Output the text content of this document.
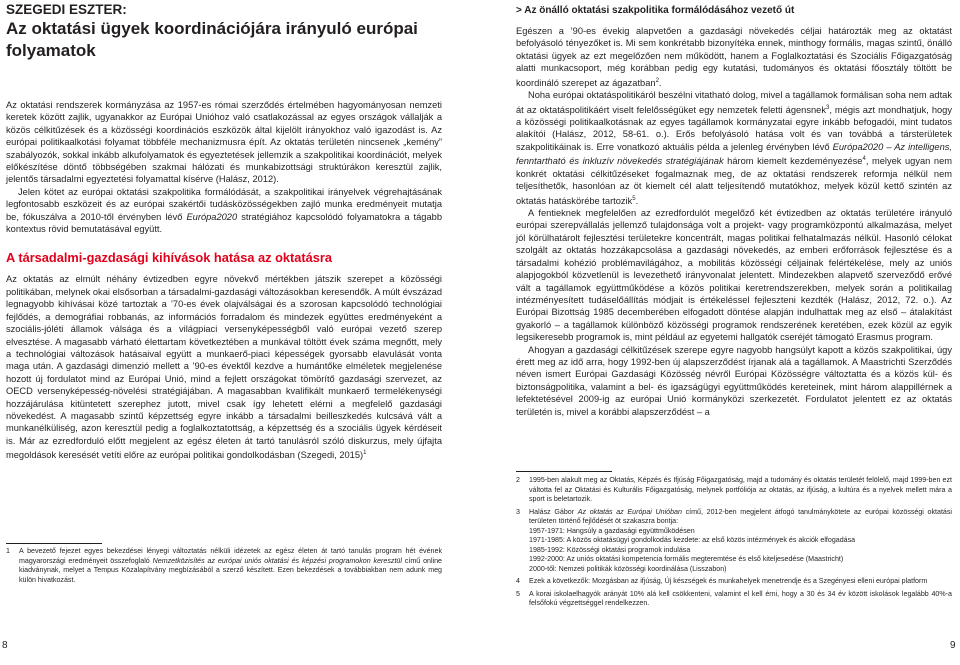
SZEGEDI ESZTER:
Az oktatási ügyek koordinációjára irányuló európai folyamatok

Az oktatási rendszerek kormányzása az 1957-es római szerződés értelmében hagyományosan nemzeti keretek között zajlik, ugyanakkor az Európai Unióhoz való csatlakozással az egyes országok vállalják a közös célkitűzések és a közösségi koordinációs eszközök által kijelölt irányokhoz való igazodást is. Az európai politikaalkotási folyamat többféle mechanizmusra épít. Az oktatás területén nincsenek „kemény” szabályozók, sokkal inkább alkufolyamatok és egyeztetések jellemzik a szakpolitikai koordinációt, melyek előkészítése döntő többségében szakmai hálózati és munkabizottsági struktúrákon keresztül zajlik, jelentős társadalmi egyeztetési folyamattal kísérve (Halász, 2012).

Jelen kötet az európai oktatási szakpolitika formálódását, a szakpolitikai irányelvek végrehajtásának legfontosabb eszközeit és az európai szakértői tudásközösségekben zajló munka eredményeit mutatja be, fókuszálva a 2010-től érvényben lévő Európa2020 stratégiához kapcsolódó folyamatokra a tágabb kontextus rövid bemutatásával együtt.

A társadalmi-gazdasági kihívások hatása az oktatásra

Az oktatás az elmúlt néhány évtizedben egyre növekvő mértékben játszik szerepet a közösségi politikában, melynek okai elsősorban a társadalmi-gazdasági változásokban keresendők. A múlt évszázad legnagyobb kihívásai közé tartoztak a ’70-es évek olajválságai és a szorosan kapcsolódó technológiai fejlődés, a demográfiai robbanás, az információs forradalom és mindezek együttes eredményeként a szociális-jóléti államok válsága és a világpiaci versenyképességből való európai vezető szerep elvesztése. A magasabb várható élettartam következtében a munkával töltött évek száma megnőtt, mely a technológiai változások hatásaival együtt a munkaerő-piaci képességek gyorsabb elavulását vonta maga után. A gazdasági dimenzió mellett a ’90-es évektől kezdve a humántőke elméletek megjelenése hozott új fordulatot mind az Európai Unió, mind a fejlett országokat tömörítő gazdasági szervezet, az OECD versenyképesség-növelési stratégiájában. A magasabban kvalifikált munkaerő termelékenységi hozzájárulása kitüntetett szerephez jutott, mivel csak így lehetett elérni a megfelelő gazdasági növekedést. A magasabb szintű képzettség egyre inkább a társadalmi beilleszkedés kulcsává vált a munkanélküliség, azon keresztül pedig a foglalkoztatottság, a képzettség és a szociális ügyek kérdéseit is. Már az ezredforduló előtt megjelent az egész életen át tartó tanulásról szóló diskurzus, mely újfajta megoldások keresését vetíti előre az európai politikai gondolkodásban (Szegedi, 2015)$^1$

1	A bevezető fejezet egyes bekezdései lényegi változtatás nélküli idézetek az egész életen át tartó tanulás program hét évének magyarországi eredményeit összefoglaló Nemzetközisítés az európai uniós oktatási és képzési programokon keresztül című online kiadványnak, melyet a Tempus Közalapítvány megbízásából a szerző készített. Ezen bekezdések a továbbiakban nem adunk meg külön hivatkozást.
8
> Az önálló oktatási szakpolitika formálódásához vezető út

Egészen a ’90-es évekig alapvetően a gazdasági növekedés céljai határozták meg az oktatást befolyásoló tényezőket is. Mi sem konkrétabb bizonyítéka ennek, minthogy formális, magas szintű, önálló oktatási ügyek az ezt megelőzően nem működött, hanem a Foglalkoztatási és Szociális Főigazgatóság alatti munkacsoport, még korábban pedig egy kutatási, tudományos és oktatási főosztály töltött be koordináló szerepet az ágazatban$^2$.

Noha európai oktatáspolitikáról beszélni vitatható dolog, mivel a tagállamok formálisan soha nem adtak át az oktatáspolitikáért viselt felelősségüket egy nemzetek feletti ágensnek$^3$, mégis azt mondhatjuk, hogy a közösségi politikaalkotásnak az egyes tagállamok kormányzatai egyre inkább befogadói, mint tudatos alakítói (Halász, 2012, 58-61. o.). Erős befolyásoló hatása volt és van továbbá a társterületek szakpolitikáinak is. Erre vonatkozó aktuális példa a jelenleg érvényben lévő Európa2020 – Az intelligens, fenntartható és inkluzív növekedés stratégiájának három kiemelt kezdeményezése$^4$, melyek ugyan nem konkrét oktatási célkitűzéseket fogalmaznak meg, de az oktatási rendszerek reformja nélkül nem teljesíthetők, hasonlóan az öt kiemelt cél alatt teljesítendő mutatókhoz, melyek közül kettő szintén az oktatás hatáskörébe tartozik$^5$.

A fentieknek megfelelően az ezredfordulót megelőző két évtizedben az oktatás területére irányuló európai szerepvállalás jellemző tulajdonsága volt a projekt- vagy programközpontú alkalmazása, melyet jól körülhatárolt fejlesztési területekre koncentrált, magas politikai felhatalmazás nélkül. Hasonló célokat szolgált az oktatás hozzákapcsolása a gazdasági növekedés, az emberi erőforrások fejlesztése és a társadalmi kohézió problémavilágához, a mobilitás közösségi céljainak felértékelése, mely az uniós alapjogokból közvetlenül is levezethető irányvonalat jelentett. Mindezekben alapvető szerveződő erővé vált a tagállamok együttműködése a közös politikai keretrendszerekben, melyek során a politikailag intézményesített tudáselőállítás módjait is értékeléssel fejleszteni kezdték (Halász, 2012, 72. o.). Az Európai Bizottság 1985 decemberében elfogadott döntése alapján indulhattak meg az első – átalakítást gyakorló – a tagállamok különböző közösségi programok rendszerének keretében, ezek közül az egyik legsikeresebb programok is, mint például az egyetemi hallgatók cseréjét támogató Erasmus program.

Ahogyan a gazdasági célkitűzések szerepe egyre nagyobb hangsúlyt kapott a közös szakpolitikai, úgy érett meg az idő arra, hogy 1992-ben új alapszerződést írjanak alá a tagállamok. A Maastrichti Szerződés néven ismert Európai Gazdasági Közösség névről Európai Közösségre változtatta és a közös kül- és biztonságpolitika, valamint a bel- és igazságügyi együttműködés kereteinek, mint három alappillérnek a lefektetésével 2009-ig az európai Unió kormányközi szerkezetét. Fordulatot jelentett ez az oktatás területén is, mivel a korábbi alapszerződést – a

2	1995-ben alakult meg az Oktatás, Képzés és Ifjúság Főigazgatóság, majd a tudomány és oktatás területét felölelő, majd 1999-ben ezt váltotta fel az Oktatási és Kulturális Főigazgatóság, melynek portfóliója az oktatás, az ifjúság, a kultúra és a nyelvek mellett mára a sport is beletartozik.
3	Halász Gábor Az oktatás az Európai Unióban című, 2012-ben megjelent átfogó tanulmánykötete az európai közösségi oktatási területen történő fejlődését öt szakaszra bontja:
1957-1971: Hangsúly a gazdasági együttműködésen
1971-1985: A közös oktatásügyi gondolkodás kezdete: az első közös intézmények és akciók elfogadása
1985-1992: Közösségi oktatási programok indulása
1992-2000: Az uniós oktatási kompetencia formális megteremtése és első kiteljesedése (Maastricht)
2000-től: Nemzeti politikák közösségi koordinálása (Lisszabon)
4	Ezek a következők: Mozgásban az ifjúság, Új készségek és munkahelyek menetrendje és a Szegényesi elleni európai platform
5	A korai iskolaelhagyók arányát 10% alá kell csökkenteni, valamint el kell érni, hogy a 30 és 34 év között iskolások legalább 40%-a felsőfokú végzettséggel rendelkezzen.
9
